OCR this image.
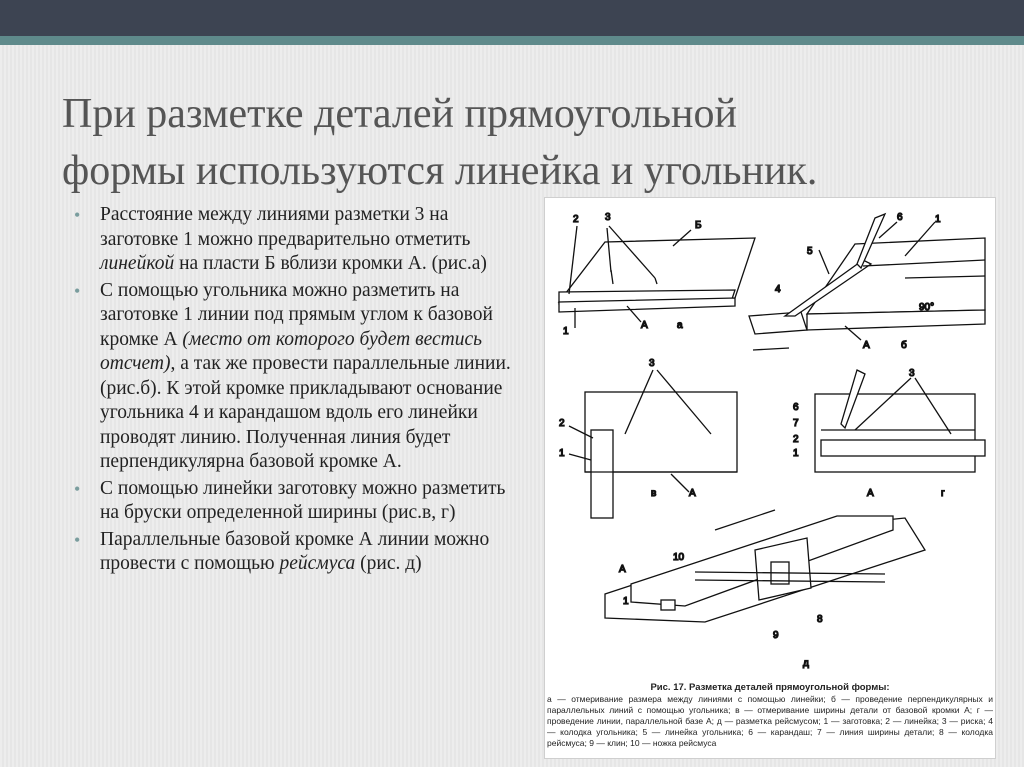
При разметке деталей прямоугольной
формы используются линейка и угольник.
• Расстояние между линиями разметки 3 на заготовке 1 можно предварительно отметить линейкой на пласти Б вблизи кромки А. (рис.а)
• С помощью угольника можно разметить на заготовке 1 линии под прямым углом к базовой кромке А (место от которого будет вестись отсчет), а так же провести параллельные линии. (рис.б). К этой кромке прикладывают основание угольника 4 и карандашом вдоль его линейки проводят линию. Полученная линия будет перпендикулярна базовой кромке А.
• С помощью линейки заготовку можно разметить на бруски определенной ширины (рис.в, г)
• Параллельные базовой кромке А линии можно провести с помощью рейсмуса (рис. д)
2	3
Б
1
А	а
6	1
5
4
90°
А	б
3
2
1
А
в
6
3
7
2
1
А	г
10
А
1
9
8
д
Рис. 17. Разметка деталей прямоугольной формы:
а — отмеривание размера между линиями с помощью линейки; б — проведение перпендикулярных и параллельных линий с помощью угольника; в — отмеривание ширины детали от базовой кромки А; г — проведение линии, параллельной базе А; д — разметка рейсмусом; 1 — заготовка; 2 — линейка; 3 — риска; 4 — колодка угольника; 5 — линейка угольника; 6 — карандаш; 7 — линия ширины детали; 8 — колодка рейсмуса; 9 — клин; 10 — ножка рейсмуса
